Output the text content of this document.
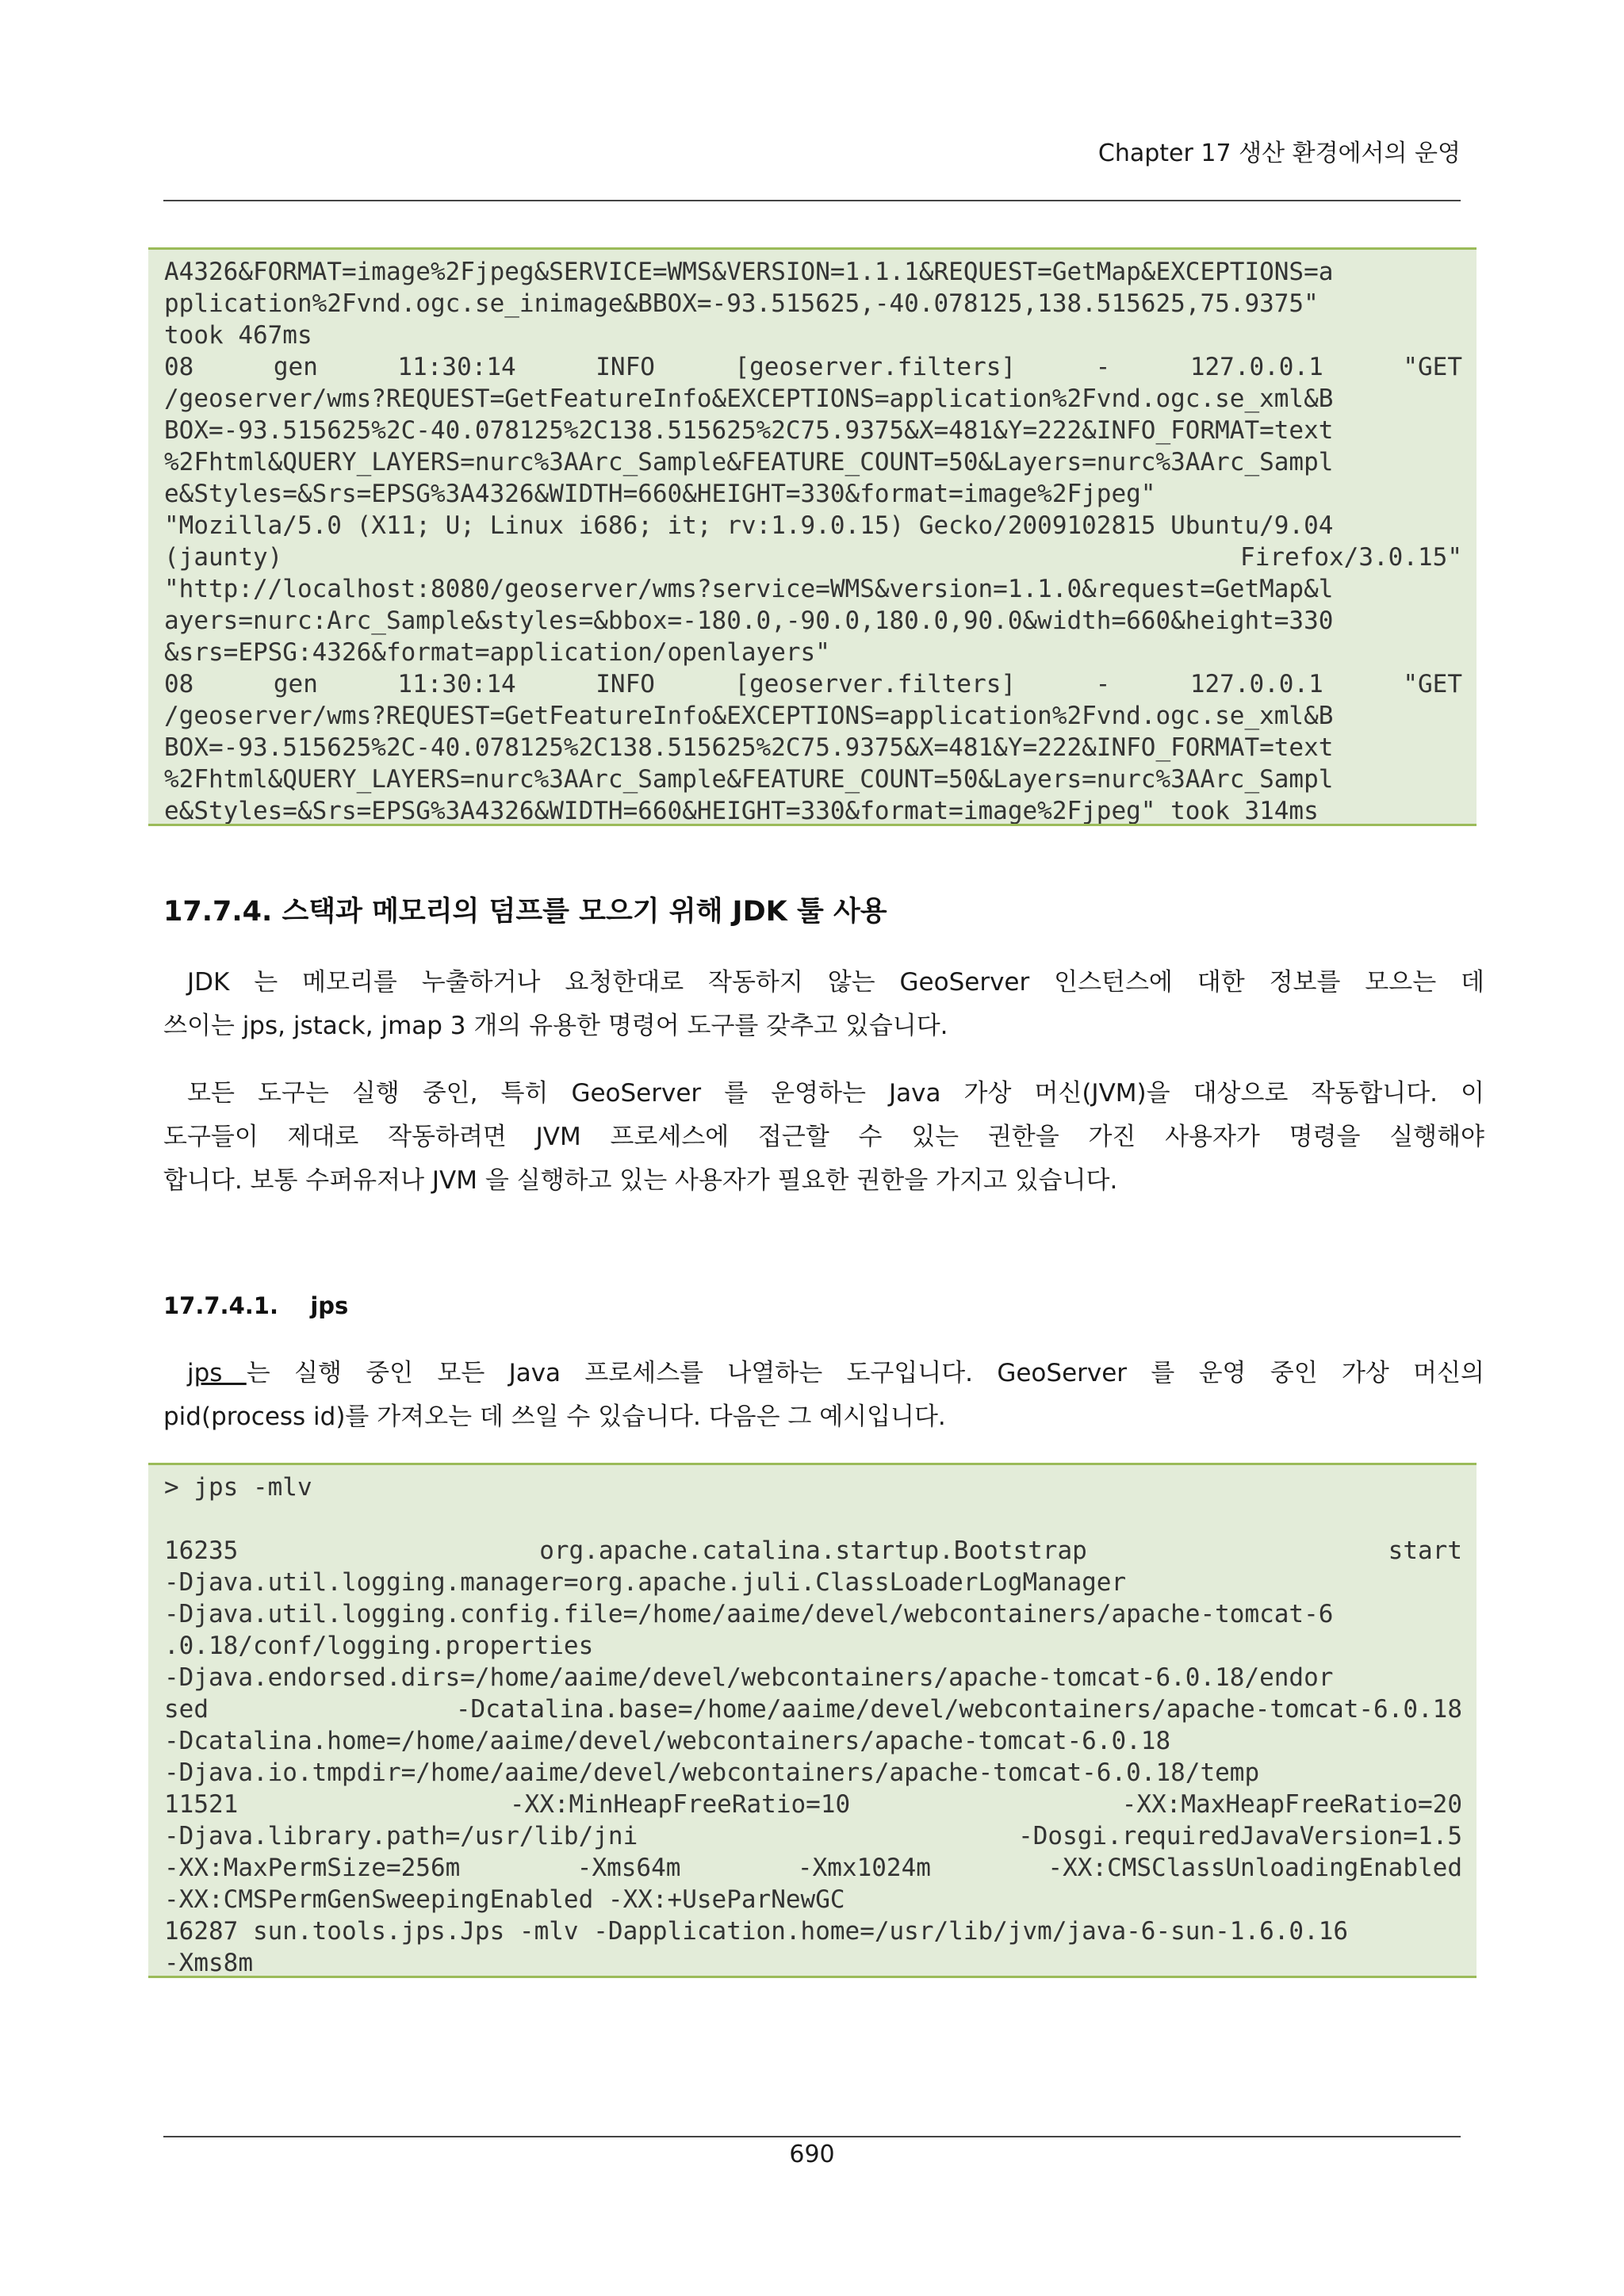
Chapter 17 생산 환경에서의 운영
A4326&FORMAT=image%2Fjpeg&SERVICE=WMS&VERSION=1.1.1&REQUEST=GetMap&EXCEPTIONS=a
pplication%2Fvnd.ogc.se_inimage&BBOX=-93.515625,-40.078125,138.515625,75.9375"
took 467ms
08 gen 11:30:14 INFO [geoserver.filters] - 127.0.0.1 "GET
/geoserver/wms?REQUEST=GetFeatureInfo&EXCEPTIONS=application%2Fvnd.ogc.se_xml&B
BOX=-93.515625%2C-40.078125%2C138.515625%2C75.9375&X=481&Y=222&INFO_FORMAT=text
%2Fhtml&QUERY_LAYERS=nurc%3AArc_Sample&FEATURE_COUNT=50&Layers=nurc%3AArc_Sampl
e&Styles=&Srs=EPSG%3A4326&WIDTH=660&HEIGHT=330&format=image%2Fjpeg"
"Mozilla/5.0 (X11; U; Linux i686; it; rv:1.9.0.15) Gecko/2009102815 Ubuntu/9.04
(jaunty) Firefox/3.0.15"
"http://localhost:8080/geoserver/wms?service=WMS&version=1.1.0&request=GetMap&l
ayers=nurc:Arc_Sample&styles=&bbox=-180.0,-90.0,180.0,90.0&width=660&height=330
&srs=EPSG:4326&format=application/openlayers"
08 gen 11:30:14 INFO [geoserver.filters] - 127.0.0.1 "GET
/geoserver/wms?REQUEST=GetFeatureInfo&EXCEPTIONS=application%2Fvnd.ogc.se_xml&B
BOX=-93.515625%2C-40.078125%2C138.515625%2C75.9375&X=481&Y=222&INFO_FORMAT=text
%2Fhtml&QUERY_LAYERS=nurc%3AArc_Sample&FEATURE_COUNT=50&Layers=nurc%3AArc_Sampl
e&Styles=&Srs=EPSG%3A4326&WIDTH=660&HEIGHT=330&format=image%2Fjpeg" took 314ms
17.7.4. 스택과 메모리의 덤프를 모으기 위해 JDK 툴 사용
JDK 는 메모리를 누출하거나 요청한대로 작동하지 않는 GeoServer 인스턴스에 대한 정보를 모으는 데
쓰이는 jps, jstack, jmap 3 개의 유용한 명령어 도구를 갖추고 있습니다.
모든 도구는 실행 중인, 특히 GeoServer 를 운영하는 Java 가상 머신(JVM)을 대상으로 작동합니다. 이
도구들이 제대로 작동하려면 JVM 프로세스에 접근할 수 있는 권한을 가진 사용자가 명령을 실행해야
합니다. 보통 수퍼유저나 JVM 을 실행하고 있는 사용자가 필요한 권한을 가지고 있습니다.
17.7.4.1.    jps
jps 는 실행 중인 모든 Java 프로세스를 나열하는 도구입니다. GeoServer 를 운영 중인 가상 머신의
pid(process id)를 가져오는 데 쓰일 수 있습니다. 다음은 그 예시입니다.
> jps -mlv
16235 org.apache.catalina.startup.Bootstrap start
-Djava.util.logging.manager=org.apache.juli.ClassLoaderLogManager
-Djava.util.logging.config.file=/home/aaime/devel/webcontainers/apache-tomcat-6
.0.18/conf/logging.properties
-Djava.endorsed.dirs=/home/aaime/devel/webcontainers/apache-tomcat-6.0.18/endor
sed -Dcatalina.base=/home/aaime/devel/webcontainers/apache-tomcat-6.0.18
-Dcatalina.home=/home/aaime/devel/webcontainers/apache-tomcat-6.0.18
-Djava.io.tmpdir=/home/aaime/devel/webcontainers/apache-tomcat-6.0.18/temp
11521 -XX:MinHeapFreeRatio=10 -XX:MaxHeapFreeRatio=20
-Djava.library.path=/usr/lib/jni -Dosgi.requiredJavaVersion=1.5
-XX:MaxPermSize=256m -Xms64m -Xmx1024m -XX:CMSClassUnloadingEnabled
-XX:CMSPermGenSweepingEnabled -XX:+UseParNewGC
16287 sun.tools.jps.Jps -mlv -Dapplication.home=/usr/lib/jvm/java-6-sun-1.6.0.16
-Xms8m
690
